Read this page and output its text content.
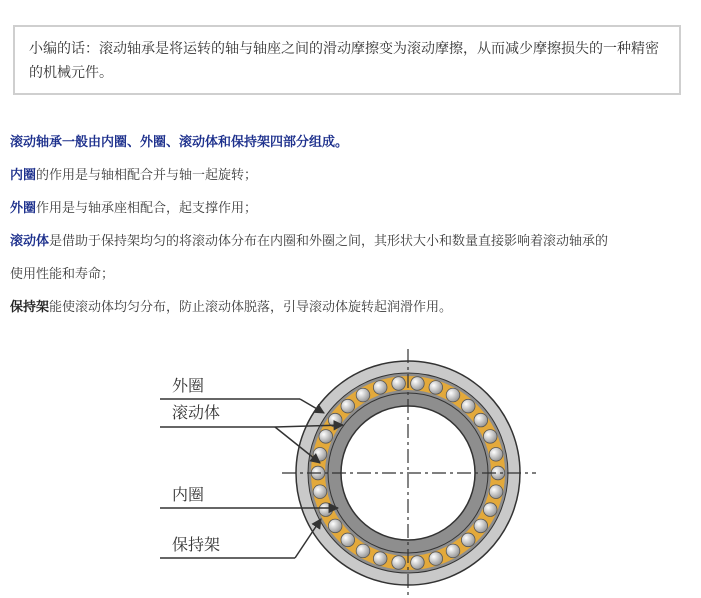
小编的话：滚动轴承是将运转的轴与轴座之间的滑动摩擦变为滚动摩擦，从而减少摩擦损失的一种精密的机械元件。
滚动轴承一般由内圈、外圈、滚动体和保持架四部分组成。
内圈的作用是与轴相配合并与轴一起旋转；
外圈作用是与轴承座相配合，起支撑作用；
滚动体是借助于保持架均匀的将滚动体分布在内圈和外圈之间，其形状大小和数量直接影响着滚动轴承的
使用性能和寿命；
保持架能使滚动体均匀分布，防止滚动体脱落，引导滚动体旋转起润滑作用。
外圈
滚动体
内圈
保持架
